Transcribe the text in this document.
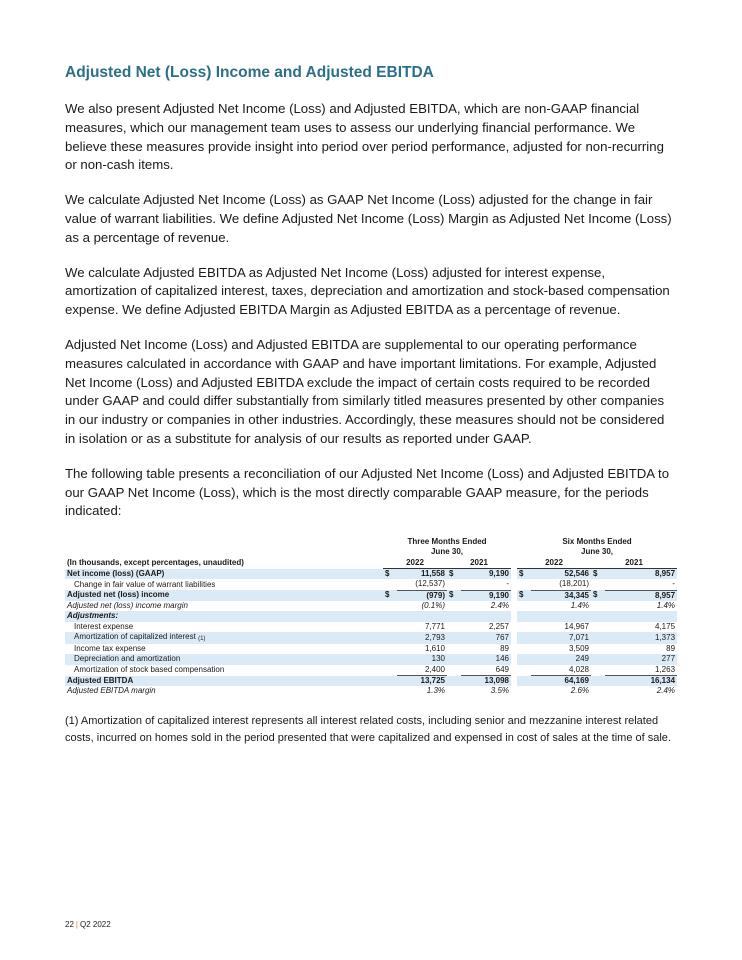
Adjusted Net (Loss) Income and Adjusted EBITDA

We also present Adjusted Net Income (Loss) and Adjusted EBITDA, which are non-GAAP financial measures, which our management team uses to assess our underlying financial performance. We believe these measures provide insight into period over period performance, adjusted for non-recurring or non-cash items.

We calculate Adjusted Net Income (Loss) as GAAP Net Income (Loss) adjusted for the change in fair value of warrant liabilities. We define Adjusted Net Income (Loss) Margin as Adjusted Net Income (Loss) as a percentage of revenue.

We calculate Adjusted EBITDA as Adjusted Net Income (Loss) adjusted for interest expense, amortization of capitalized interest, taxes, depreciation and amortization and stock-based compensation expense. We define Adjusted EBITDA Margin as Adjusted EBITDA as a percentage of revenue.

Adjusted Net Income (Loss) and Adjusted EBITDA are supplemental to our operating performance measures calculated in accordance with GAAP and have important limitations. For example, Adjusted Net Income (Loss) and Adjusted EBITDA exclude the impact of certain costs required to be recorded under GAAP and could differ substantially from similarly titled measures presented by other companies in our industry or companies in other industries. Accordingly, these measures should not be considered in isolation or as a substitute for analysis of our results as reported under GAAP.

The following table presents a reconciliation of our Adjusted Net Income (Loss) and Adjusted EBITDA to our GAAP Net Income (Loss), which is the most directly comparable GAAP measure, for the periods indicated:

	Three Months Ended					Six Months Ended			
	June 30,					June 30,			
(In thousands, except percentages, unaudited)	2022		2021			2022		2021	
Net income (loss) (GAAP)	$	11,558	$	9,190		$	52,546	$	8,957
Change in fair value of warrant liabilities		(12,537)		-			(18,201)		-
Adjusted net (loss) income	$	(979)	$	9,190		$	34,345	$	8,957
Adjusted net (loss) income margin		(0.1%)		2.4%			1.4%		1.4%
Adjustments:									
Interest expense		7,771		2,257			14,967		4,175
Amortization of capitalized interest (1)		2,793		767			7,071		1,373
Income tax expense		1,610		89			3,509		89
Depreciation and amortization		130		146			249		277
Amortization of stock based compensation		2,400		649			4,028		1,263
Adjusted EBITDA		13,725		13,098			64,169		16,134
Adjusted EBITDA margin		1.3%		3.5%			2.6%		2.4%

(1) Amortization of capitalized interest represents all interest related costs, including senior and mezzanine interest related costs, incurred on homes sold in the period presented that were capitalized and expensed in cost of sales at the time of sale.

22 | Q2 2022
